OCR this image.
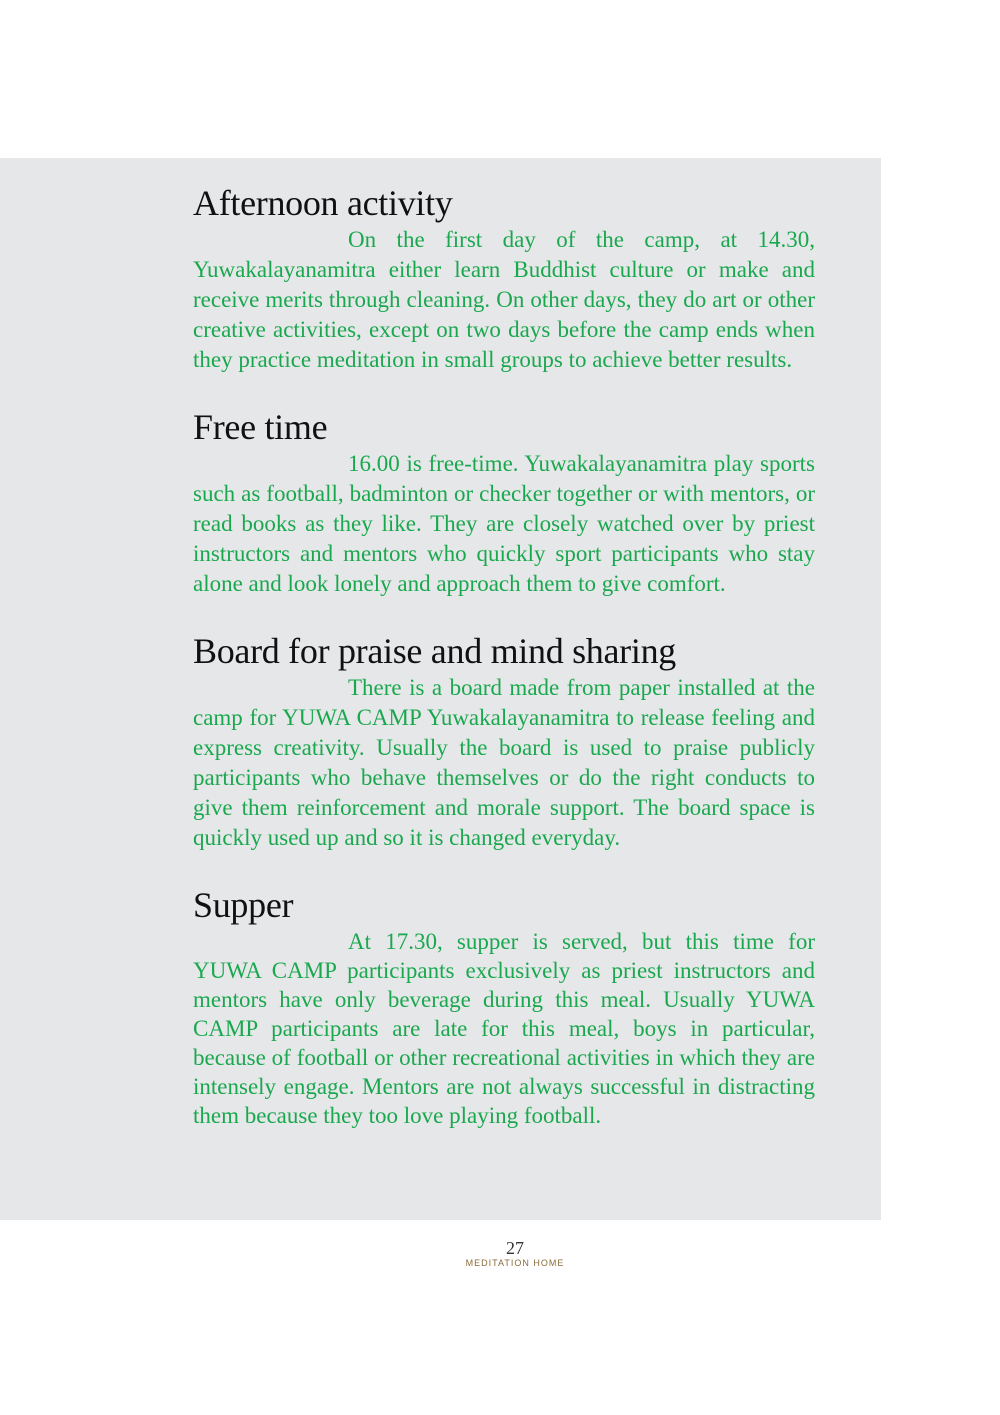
Afternoon activity

On the first day of the camp, at 14.30, Yuwakalayanamitra either learn Buddhist culture or make and receive merits through cleaning. On other days, they do art or other creative activities, except on two days before the camp ends when they practice meditation in small groups to achieve better results.

Free time

16.00 is free-time. Yuwakalayanamitra play sports such as football, badminton or checker together or with mentors, or read books as they like. They are closely watched over by priest instructors and mentors who quickly sport participants who stay alone and look lonely and approach them to give comfort.

Board for praise and mind sharing

There is a board made from paper installed at the camp for YUWA CAMP Yuwakalayanamitra to release feeling and express creativity. Usually the board is used to praise publicly participants who behave themselves or do the right conducts to give them reinforcement and morale support. The board space is quickly used up and so it is changed everyday.

Supper

At 17.30, supper is served, but this time for YUWA CAMP participants exclusively as priest instructors and mentors have only beverage during this meal. Usually YUWA CAMP participants are late for this meal, boys in particular, because of football or other recreational activities in which they are intensely engage. Mentors are not always successful in distracting them because they too love playing football.

27
MEDITATION HOME
